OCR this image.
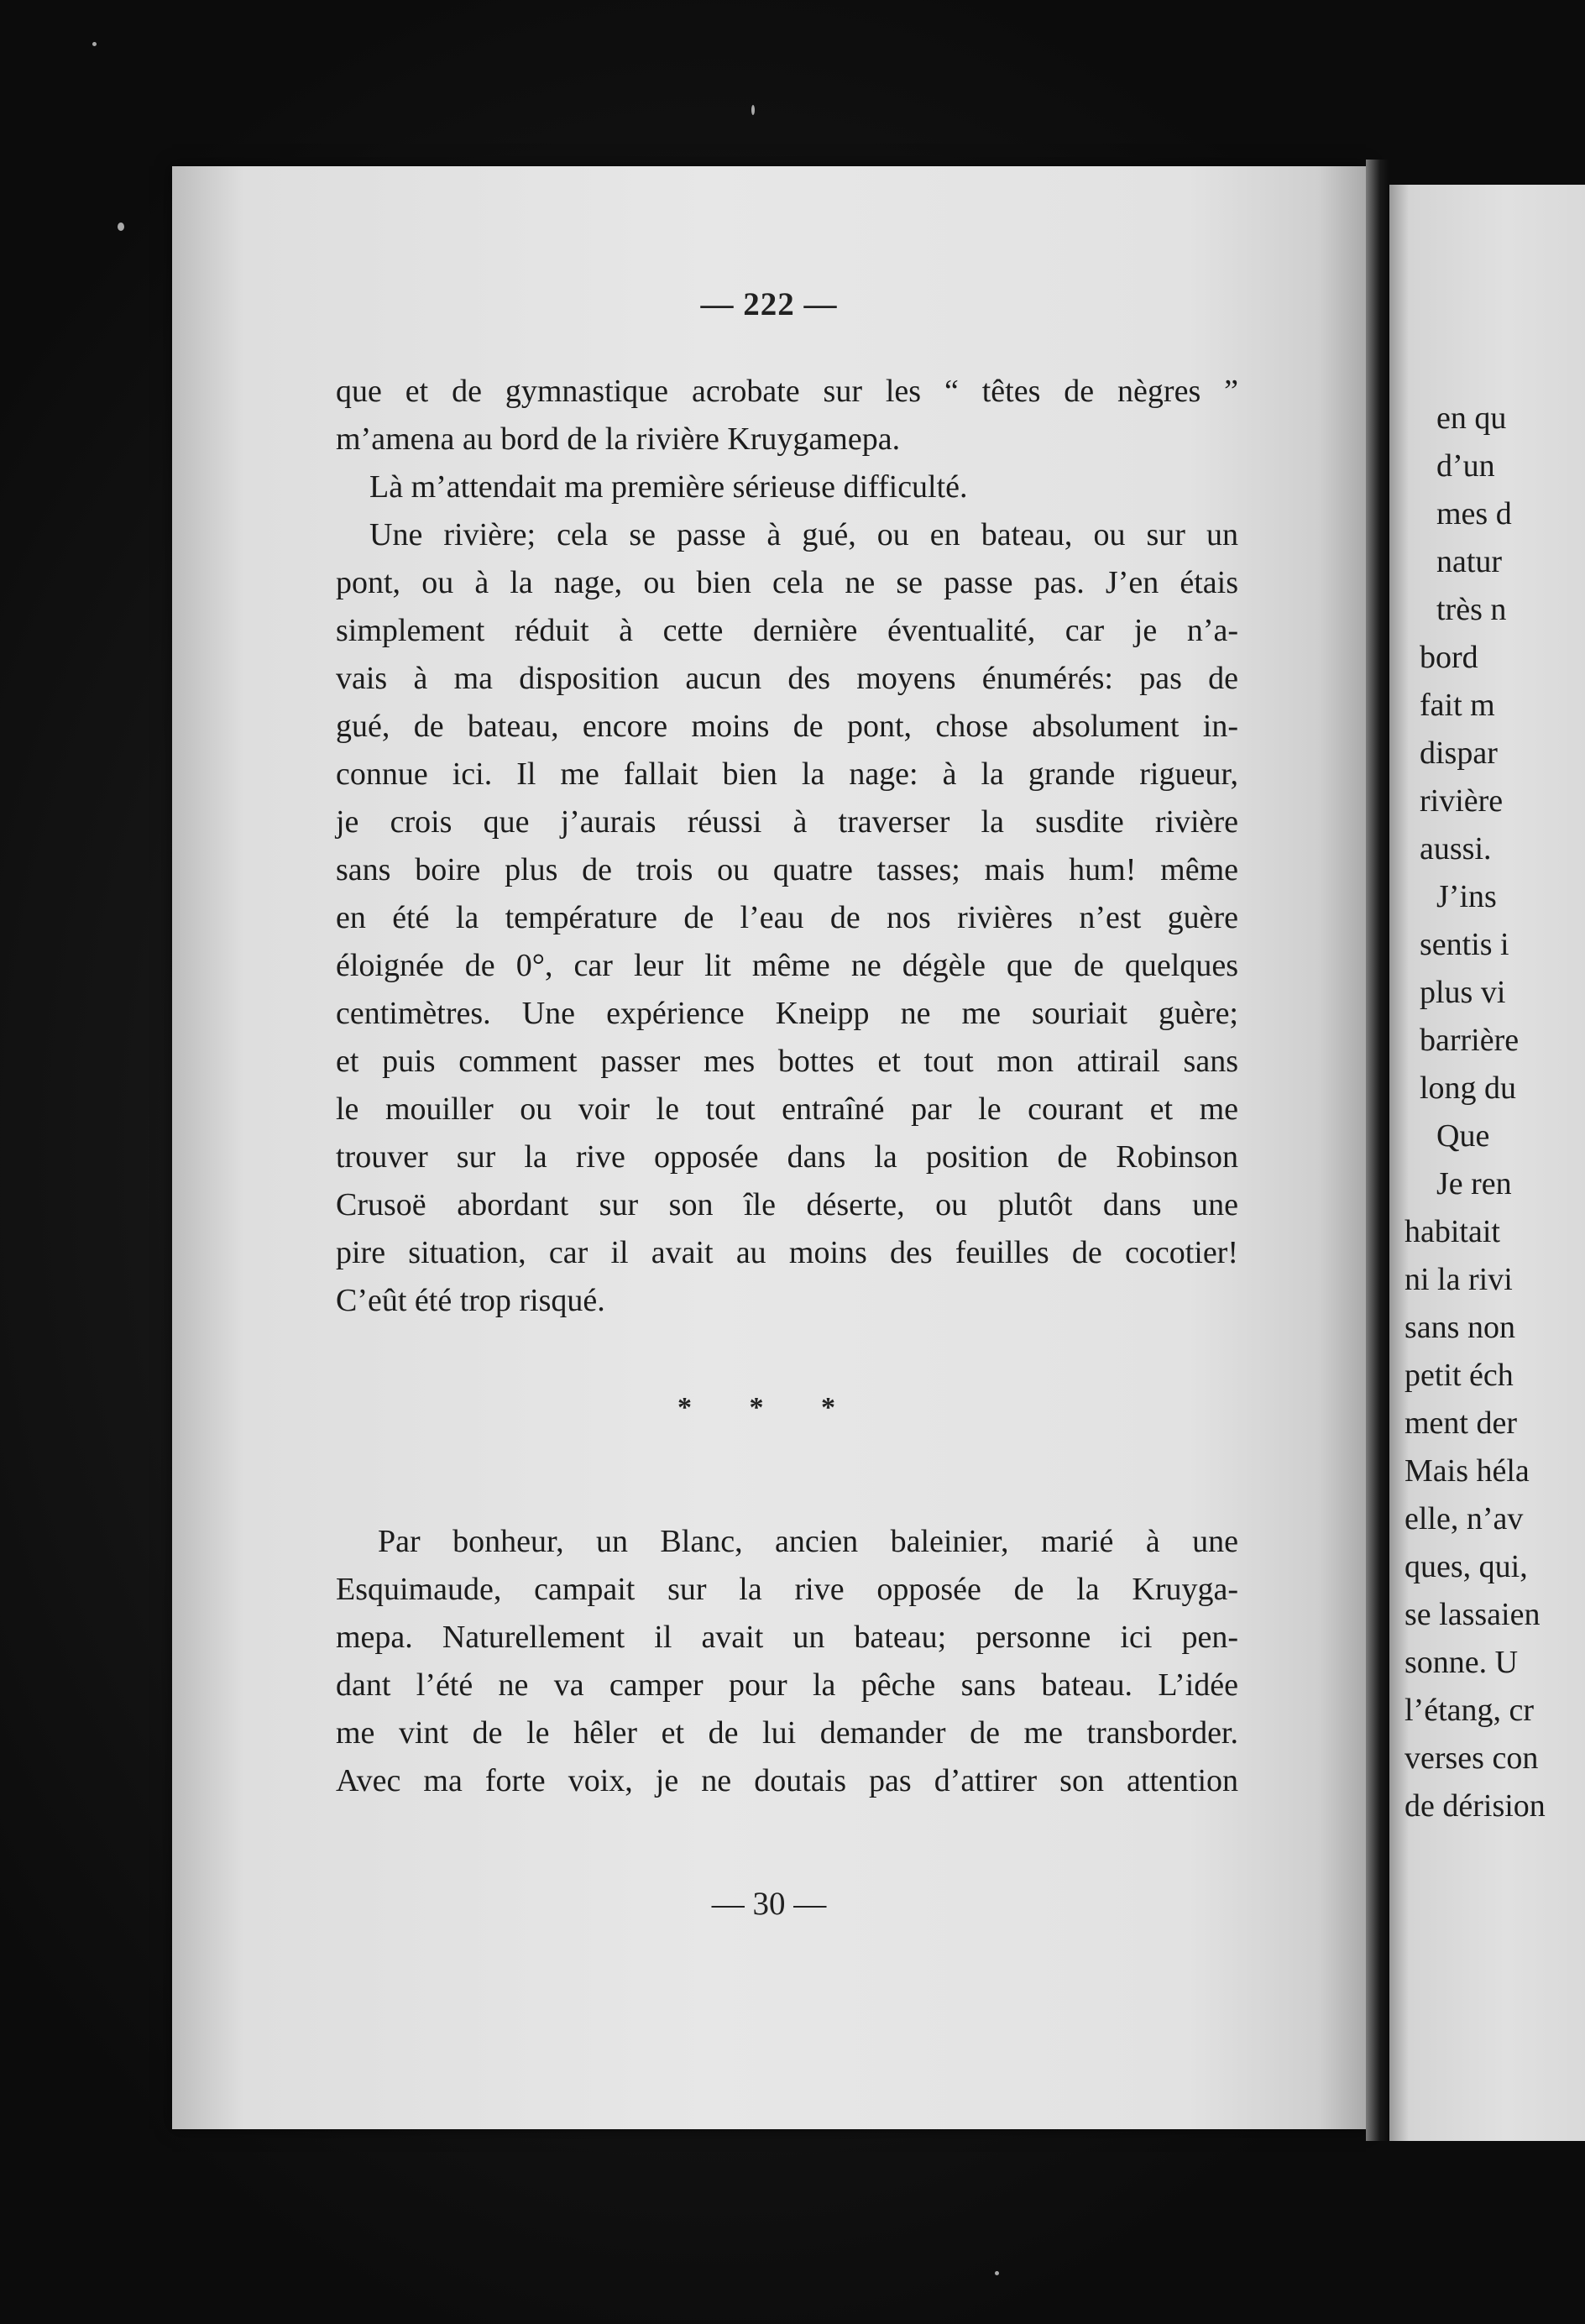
— 222 —
que et de gymnastique acrobate sur les “ têtes de nègres ”
m’amena au bord de la rivière Kruygamepa.
Là m’attendait ma première sérieuse difficulté.
Une rivière; cela se passe à gué, ou en bateau, ou sur un
pont, ou à la nage, ou bien cela ne se passe pas. J’en étais
simplement réduit à cette dernière éventualité, car je n’a-
vais à ma disposition aucun des moyens énumérés: pas de
gué, de bateau, encore moins de pont, chose absolument in-
connue ici. Il me fallait bien la nage: à la grande rigueur,
je crois que j’aurais réussi à traverser la susdite rivière
sans boire plus de trois ou quatre tasses; mais hum! même
en été la température de l’eau de nos rivières n’est guère
éloignée de 0°, car leur lit même ne dégèle que de quelques
centimètres. Une expérience Kneipp ne me souriait guère;
et puis comment passer mes bottes et tout mon attirail sans
le mouiller ou voir le tout entraîné par le courant et me
trouver sur la rive opposée dans la position de Robinson
Crusoë abordant sur son île déserte, ou plutôt dans une
pire situation, car il avait au moins des feuilles de cocotier!
C’eût été trop risqué.
* * *
Par bonheur, un Blanc, ancien baleinier, marié à une
Esquimaude, campait sur la rive opposée de la Kruyga-
mepa. Naturellement il avait un bateau; personne ici pen-
dant l’été ne va camper pour la pêche sans bateau. L’idée
me vint de le hêler et de lui demander de me transborder.
Avec ma forte voix, je ne doutais pas d’attirer son attention
— 30 —
en qu
d’un
mes d
natur
très n
bord
fait m
dispar
rivière
aussi.
J’ins
sentis i
plus vi
barrière
long du
Que
Je ren
habitait
ni la rivi
sans non
petit éch
ment der
Mais héla
elle, n’av
ques, qui,
se lassaien
sonne. U
l’étang, cr
verses con
de dérision
